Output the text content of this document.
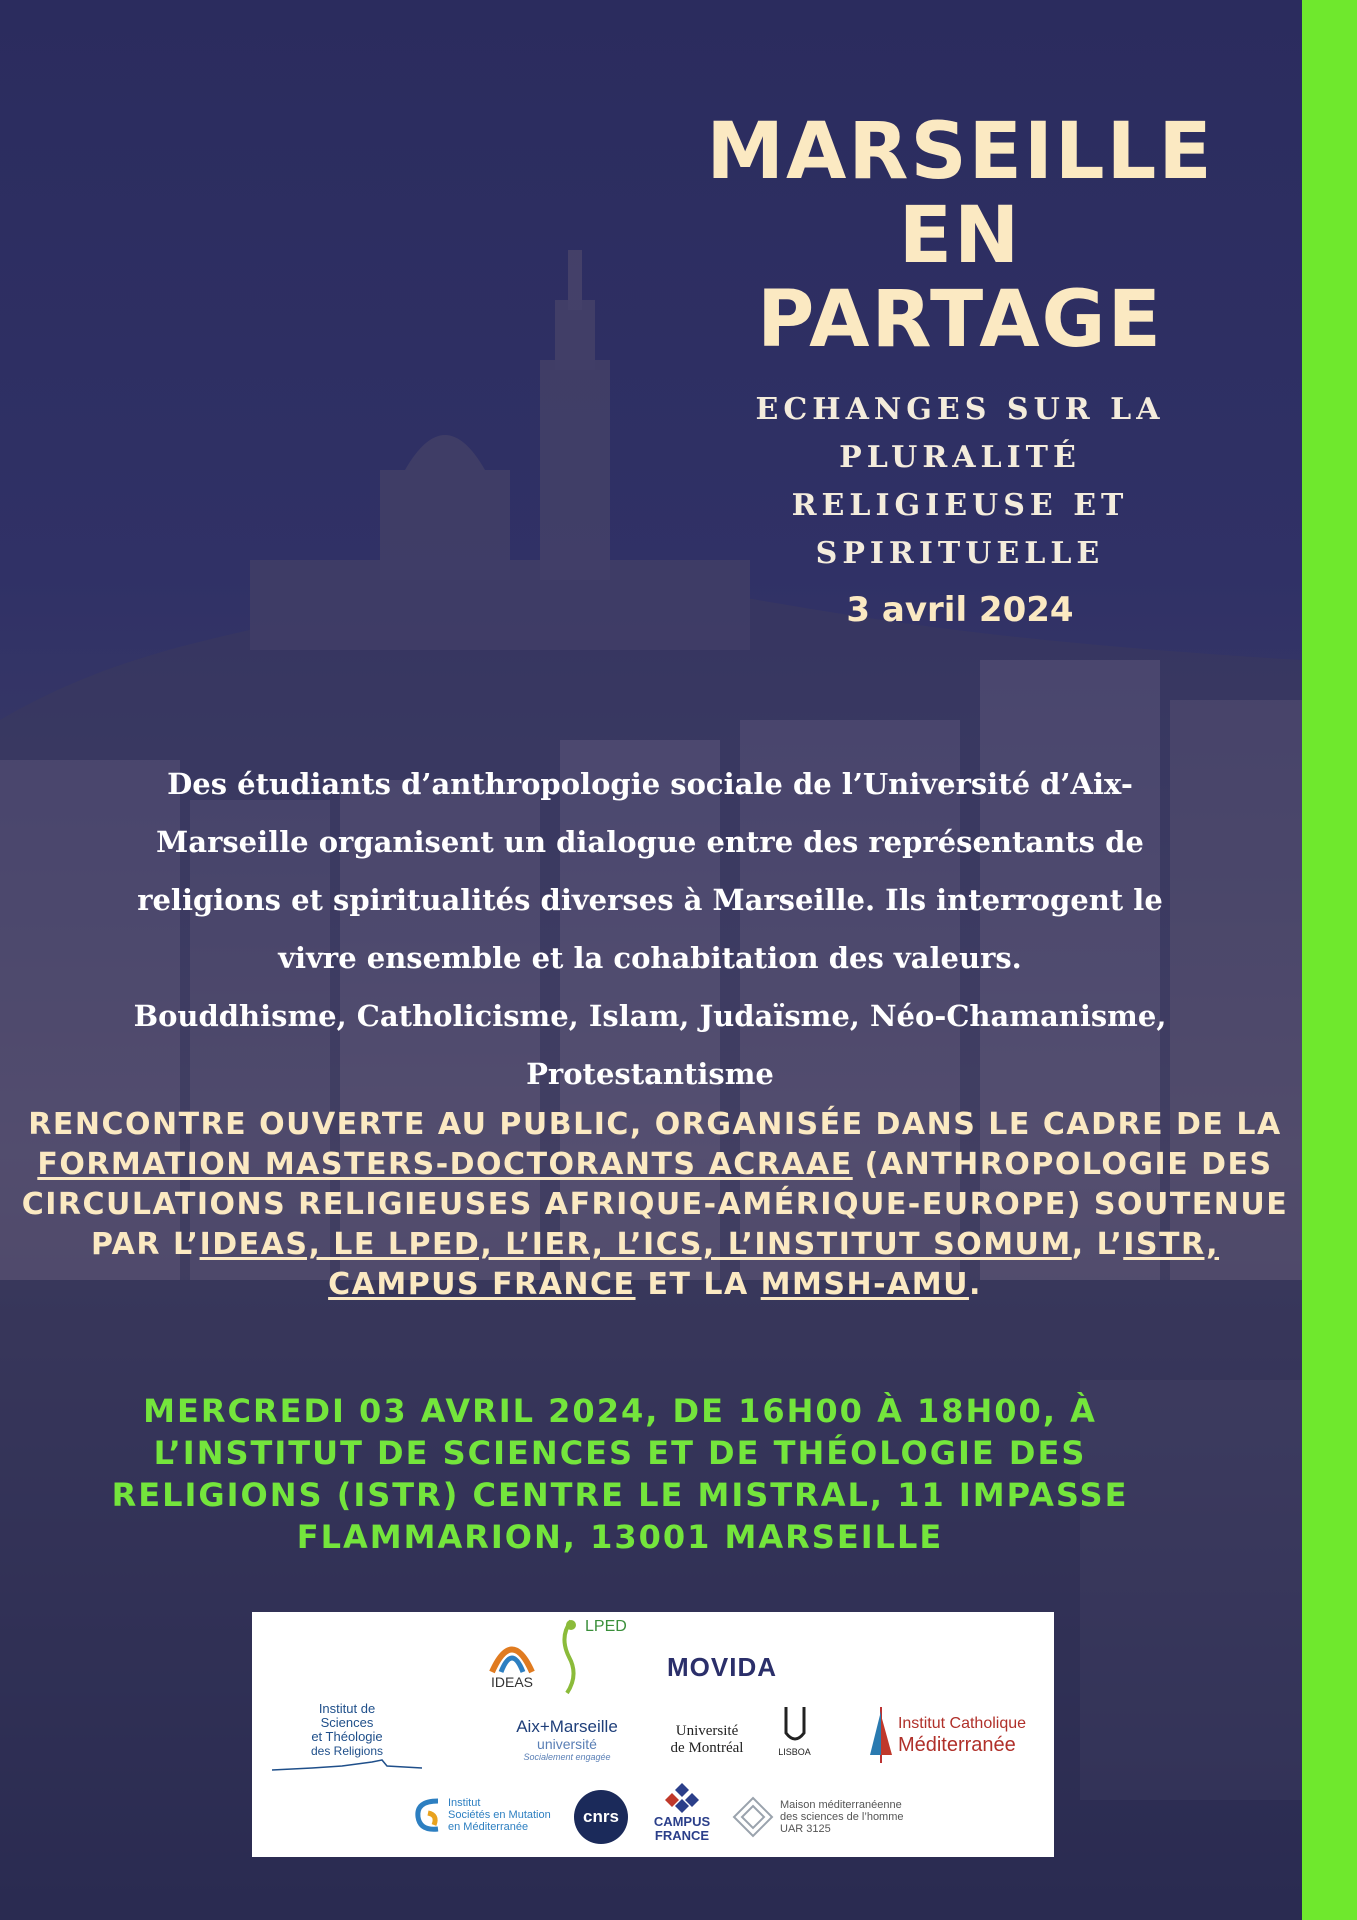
MARSEILLE EN
PARTAGE
ECHANGES SUR LA PLURALITÉ RELIGIEUSE ET SPIRITUELLE
3 avril 2024
Des étudiants d’anthropologie sociale de l’Université d’Aix-
Marseille organisent un dialogue entre des représentants de
religions et spiritualités diverses à Marseille. Ils interrogent le
vivre ensemble et la cohabitation des valeurs.
Bouddhisme, Catholicisme, Islam, Judaïsme, Néo-Chamanisme,
Protestantisme
RENCONTRE OUVERTE AU PUBLIC, ORGANISÉE DANS LE CADRE DE LA FORMATION MASTERS-DOCTORANTS ACRAAE (ANTHROPOLOGIE DES CIRCULATIONS RELIGIEUSES AFRIQUE-AMÉRIQUE-EUROPE) SOUTENUE PAR L’IDEAS, LE LPED, L’IER, L’ICS, L’INSTITUT SOMUM, L’ISTR, CAMPUS FRANCE ET LA MMSH-AMU.
MERCREDI 03 AVRIL 2024, DE 16H00 À 18H00, À
L’INSTITUT DE SCIENCES ET DE THÉOLOGIE DES
RELIGIONS (ISTR) CENTRE LE MISTRAL, 11 IMPASSE
FLAMMARION, 13001 MARSEILLE
IDEAS
LPED
MOVIDA
Institut de
Sciences
et Théologie
des Religions
Aix+Marseille
université
Socialement engagée
Université
de Montréal	LISBOA
Institut Catholique
Méditerranée
Institut
Sociétés en Mutation
en Méditerranée
cnrs	CAMPUS
FRANCE
Maison méditerranéenne
des sciences de l’homme
UAR 3125
